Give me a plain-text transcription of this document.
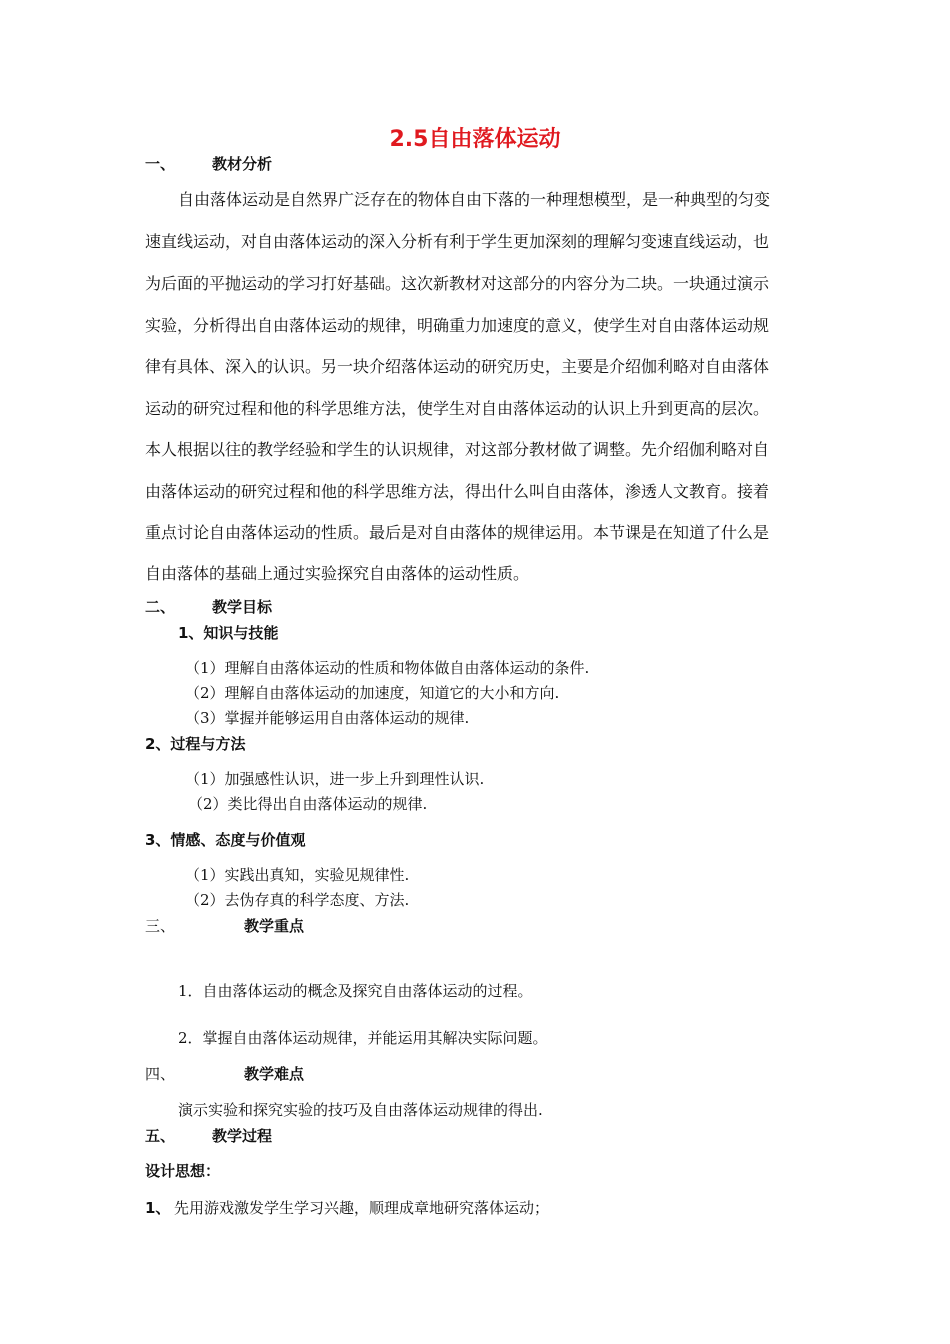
2.5自由落体运动
一、 教材分析
自由落体运动是自然界广泛存在的物体自由下落的一种理想模型，是一种典型的匀变
速直线运动，对自由落体运动的深入分析有利于学生更加深刻的理解匀变速直线运动，也
为后面的平抛运动的学习打好基础。这次新教材对这部分的内容分为二块。一块通过演示
实验，分析得出自由落体运动的规律，明确重力加速度的意义，使学生对自由落体运动规
律有具体、深入的认识。另一块介绍落体运动的研究历史，主要是介绍伽利略对自由落体
运动的研究过程和他的科学思维方法，使学生对自由落体运动的认识上升到更高的层次。
本人根据以往的教学经验和学生的认识规律，对这部分教材做了调整。先介绍伽利略对自
由落体运动的研究过程和他的科学思维方法，得出什么叫自由落体，渗透人文教育。接着
重点讨论自由落体运动的性质。最后是对自由落体的规律运用。本节课是在知道了什么是
自由落体的基础上通过实验探究自由落体的运动性质。
二、 教学目标
1、知识与技能
（1）理解自由落体运动的性质和物体做自由落体运动的条件.
（2）理解自由落体运动的加速度，知道它的大小和方向.
（3）掌握并能够运用自由落体运动的规律.
2、过程与方法
（1）加强感性认识，进一步上升到理性认识.
（2）类比得出自由落体运动的规律.
3、情感、态度与价值观
（1）实践出真知，实验见规律性.
（2）去伪存真的科学态度、方法.
三、	教学重点
1．自由落体运动的概念及探究自由落体运动的过程。
2．掌握自由落体运动规律，并能运用其解决实际问题。
四、	教学难点
演示实验和探究实验的技巧及自由落体运动规律的得出.
五、 教学过程
设计思想：
1、 先用游戏激发学生学习兴趣，顺理成章地研究落体运动；
